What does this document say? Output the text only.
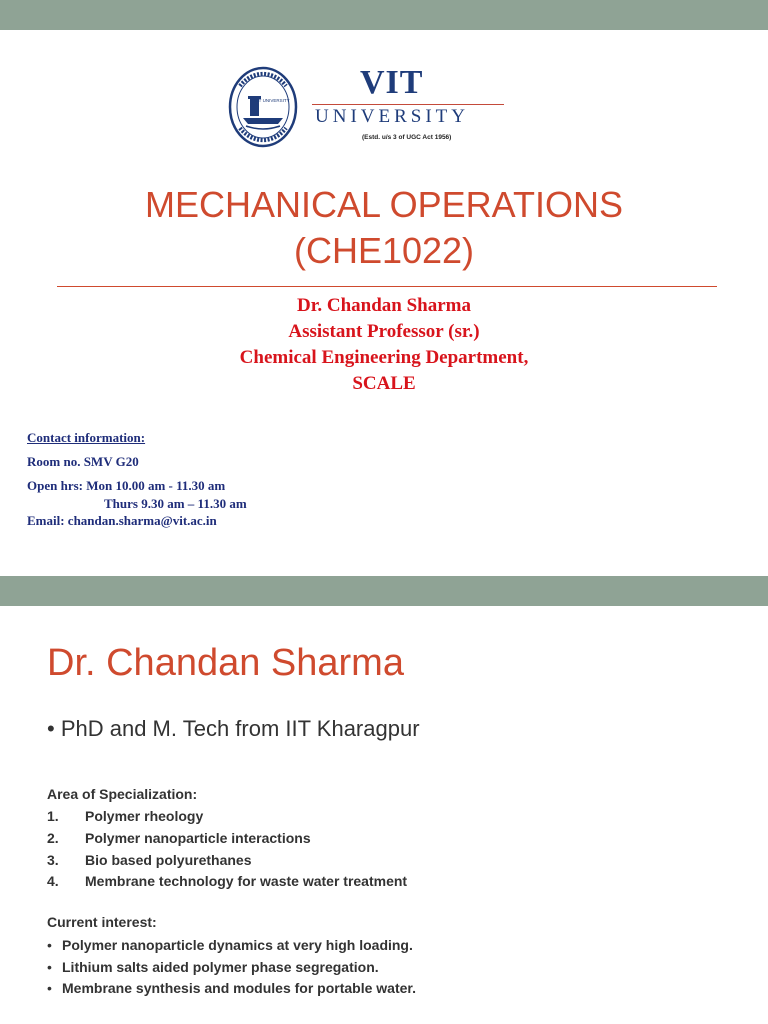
VIT UNIVERSITY VIT
UNIVERSITY
(Estd. u/s 3 of UGC Act 1956)
MECHANICAL OPERATIONS
(CHE1022)
Dr. Chandan Sharma
Assistant Professor (sr.)
Chemical Engineering Department,
SCALE
Contact information:
Room no. SMV G20
Open hrs: Mon 10.00 am - 11.30 am
Thurs 9.30 am – 11.30 am
Email: chandan.sharma@vit.ac.in
Dr. Chandan Sharma
• PhD and M. Tech from IIT Kharagpur
Area of Specialization:
1. Polymer rheology
2. Polymer nanoparticle interactions
3. Bio based polyurethanes
4. Membrane technology for waste water treatment
Current interest:
• Polymer nanoparticle dynamics at very high loading.
• Lithium salts aided polymer phase segregation.
• Membrane synthesis and modules for portable water.
